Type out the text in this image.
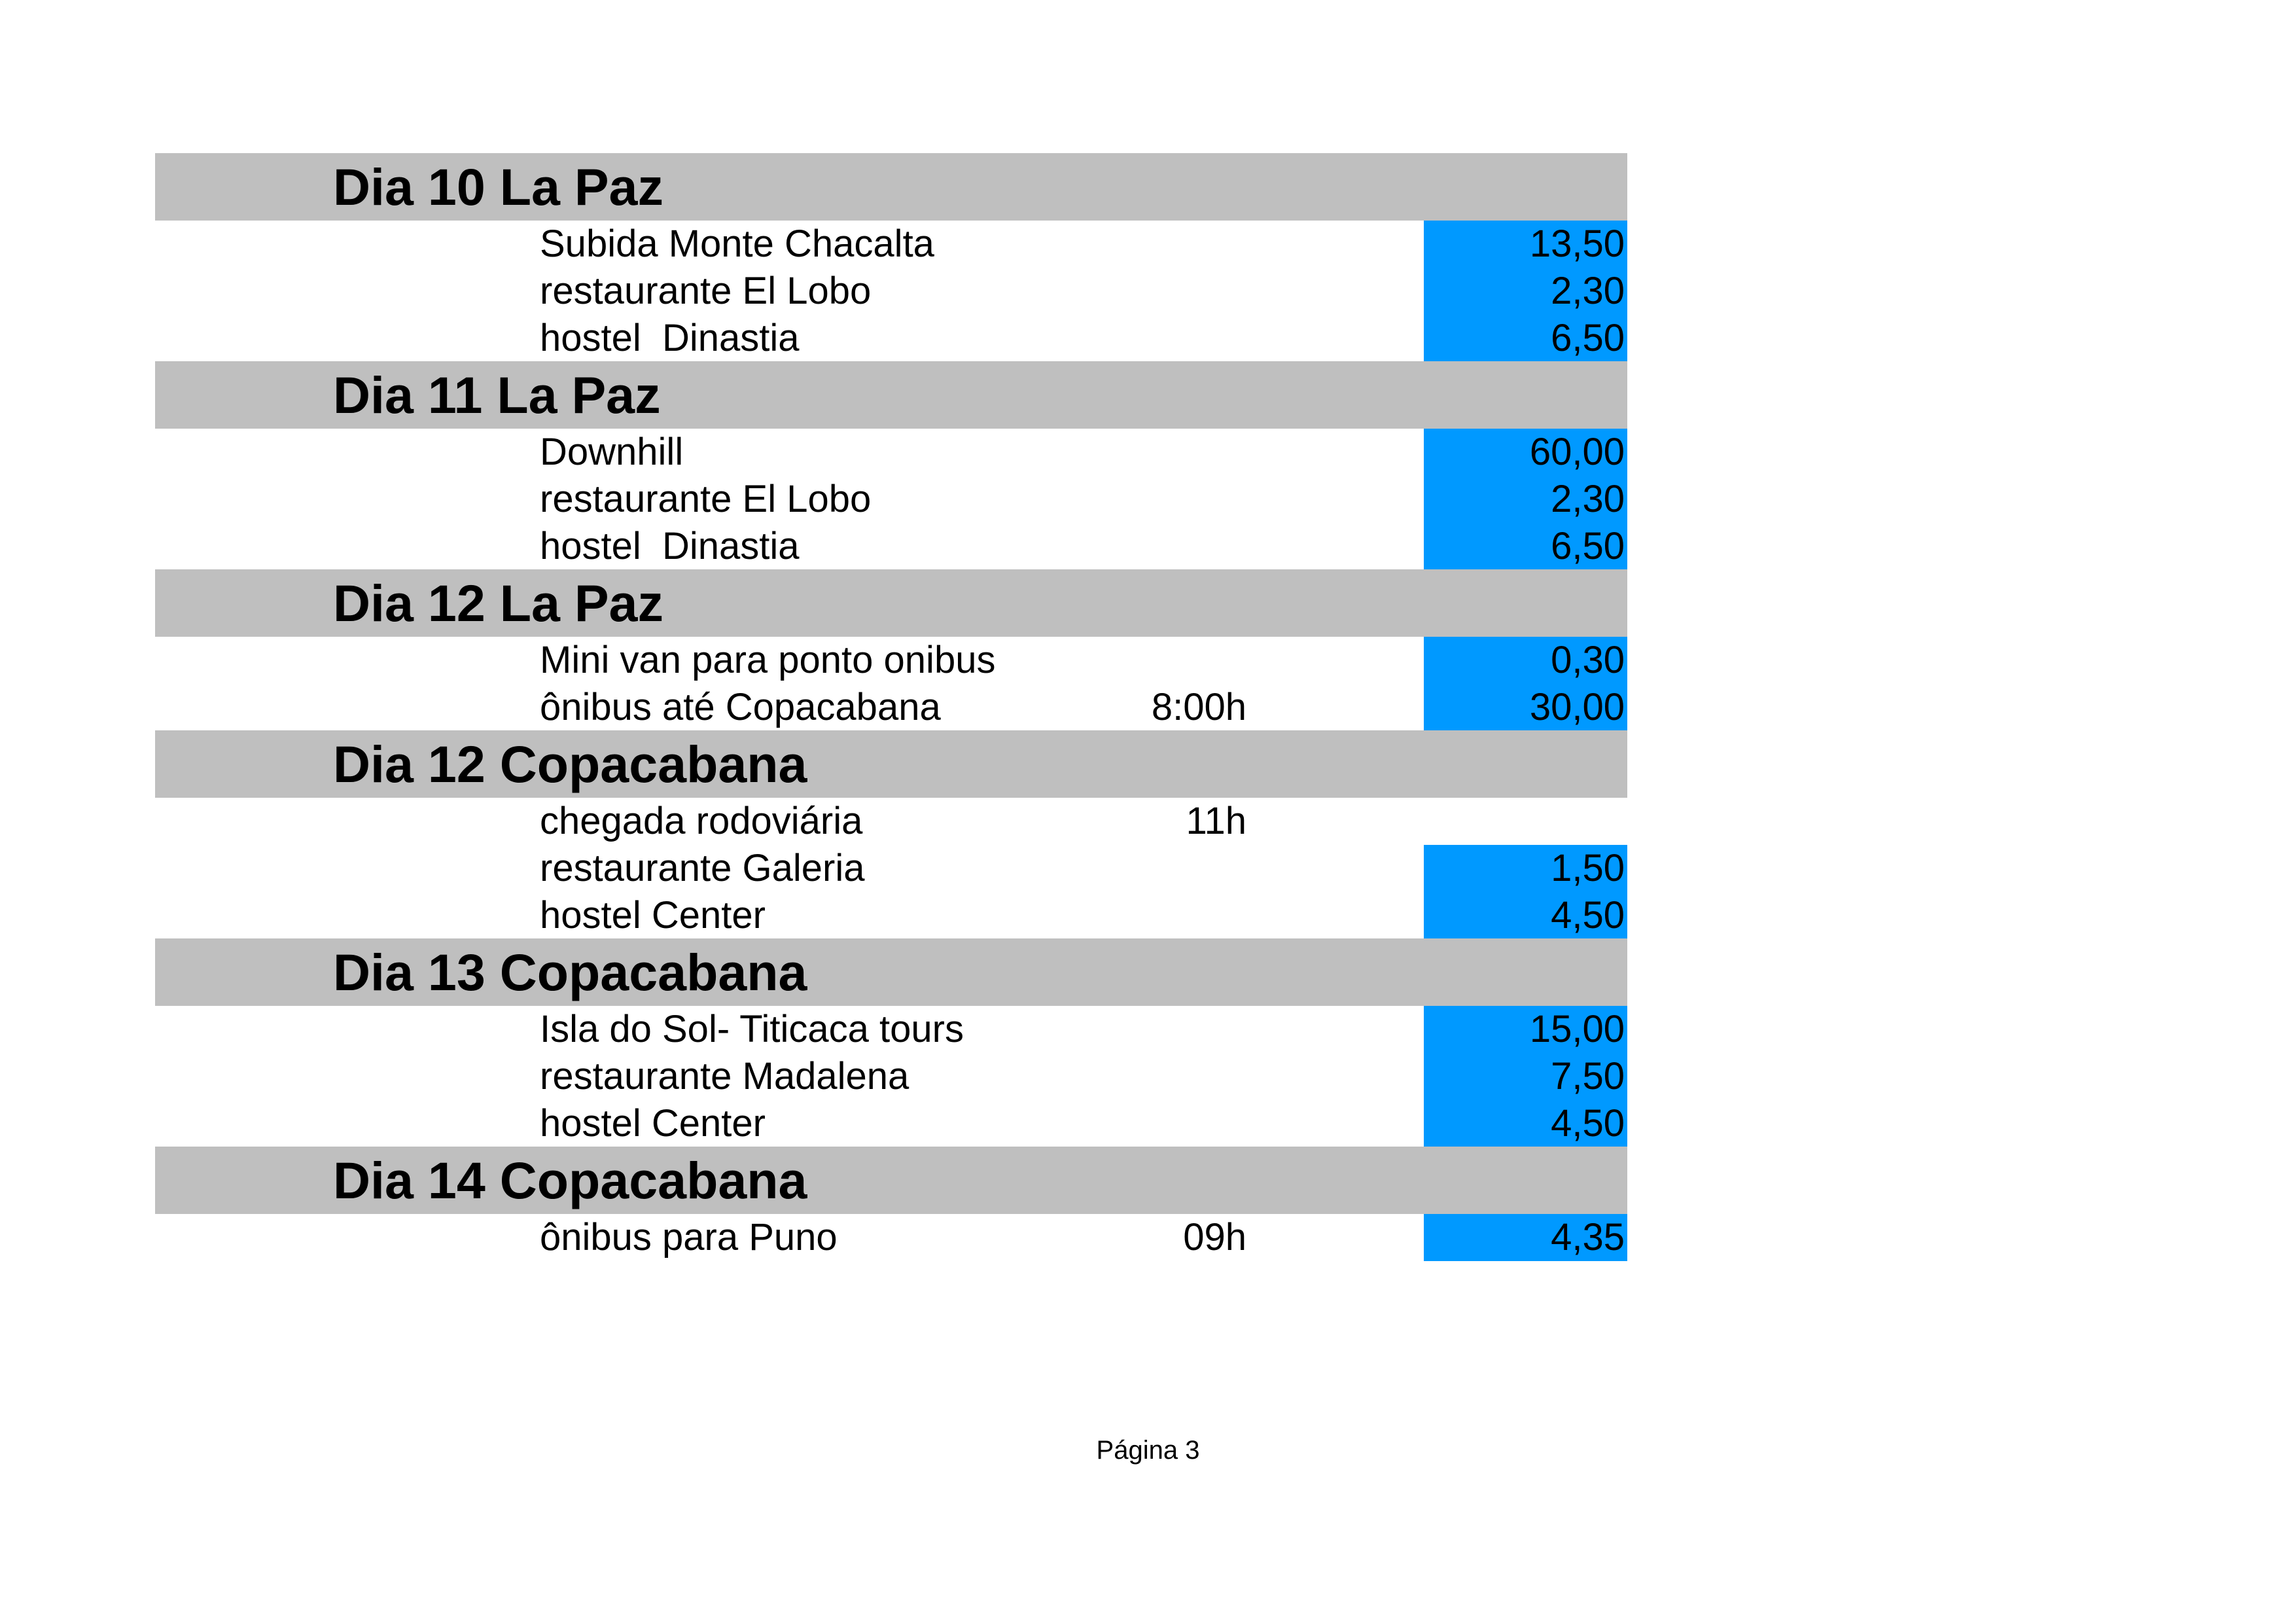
Dia 10 La Paz
Subida Monte Chacalta	13,50
restaurante El Lobo	2,30
hostel  Dinastia	6,50
Dia 11 La Paz
Downhill	60,00
restaurante El Lobo	2,30
hostel  Dinastia	6,50
Dia 12 La Paz
Mini van para ponto onibus	0,30
ônibus até Copacabana	8:00h	30,00
Dia 12 Copacabana
chegada rodoviária	11h
restaurante Galeria	1,50
hostel Center	4,50
Dia 13 Copacabana
Isla do Sol- Titicaca tours	15,00
restaurante Madalena	7,50
hostel Center	4,50
Dia 14 Copacabana
ônibus para Puno	09h	4,35
Página 3
